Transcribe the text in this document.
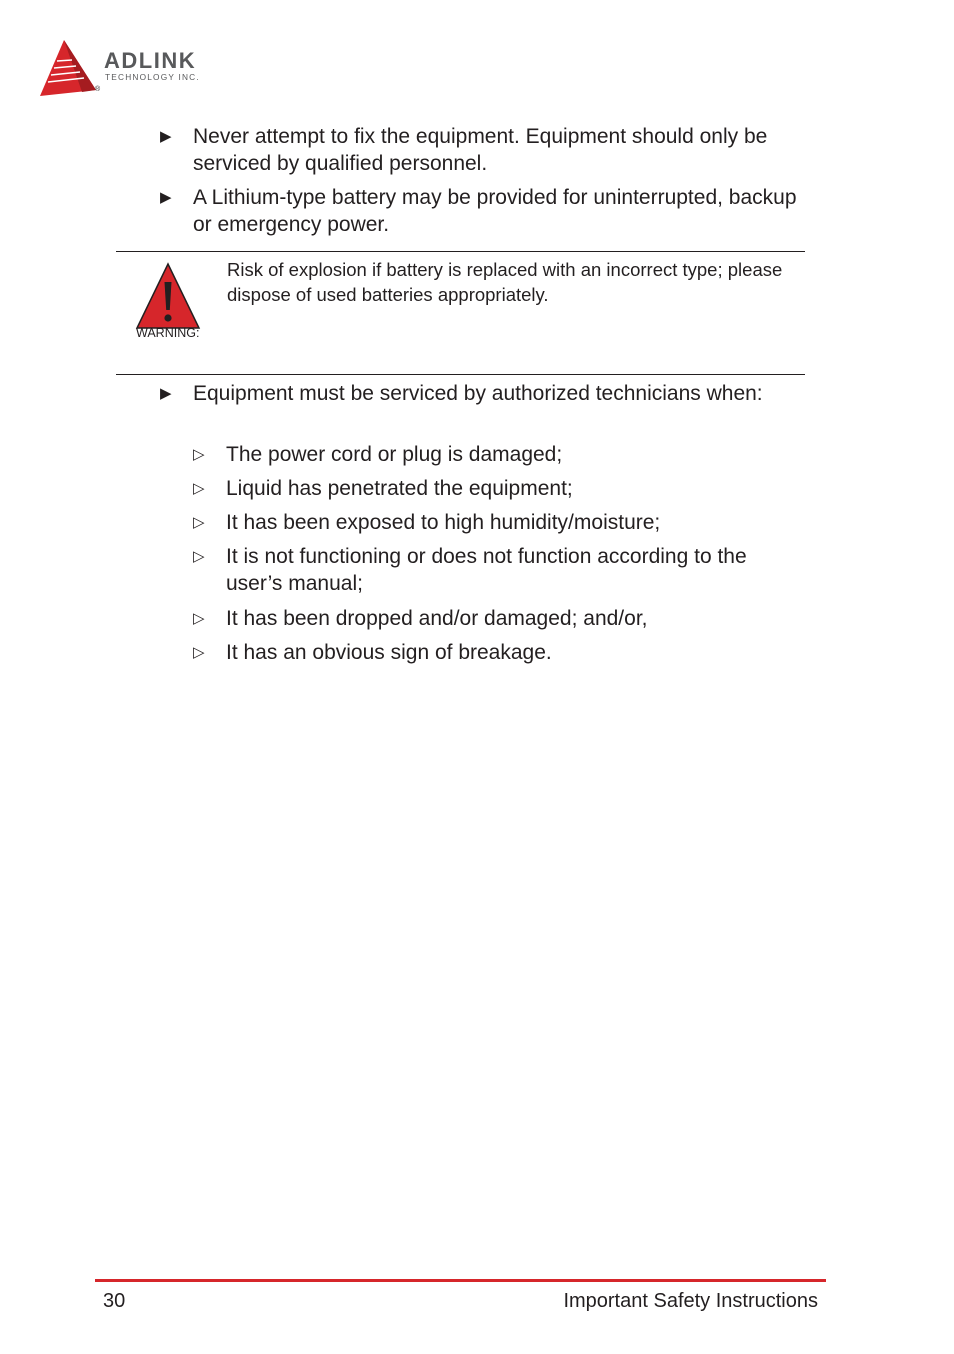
ADLINK
TECHNOLOGY INC.
®
▶ Never attempt to fix the equipment. Equipment should only be serviced by qualified personnel.
▶ A Lithium-type battery may be provided for uninterrupted, backup or emergency power.
WARNING:
Risk of explosion if battery is replaced with an incorrect type; please dispose of used batteries appropriately.
▶ Equipment must be serviced by authorized technicians when:
▷ The power cord or plug is damaged;
▷ Liquid has penetrated the equipment;
▷ It has been exposed to high humidity/moisture;
▷ It is not functioning or does not function according to the user’s manual;
▷ It has been dropped and/or damaged; and/or,
▷ It has an obvious sign of breakage.
30	Important Safety Instructions
